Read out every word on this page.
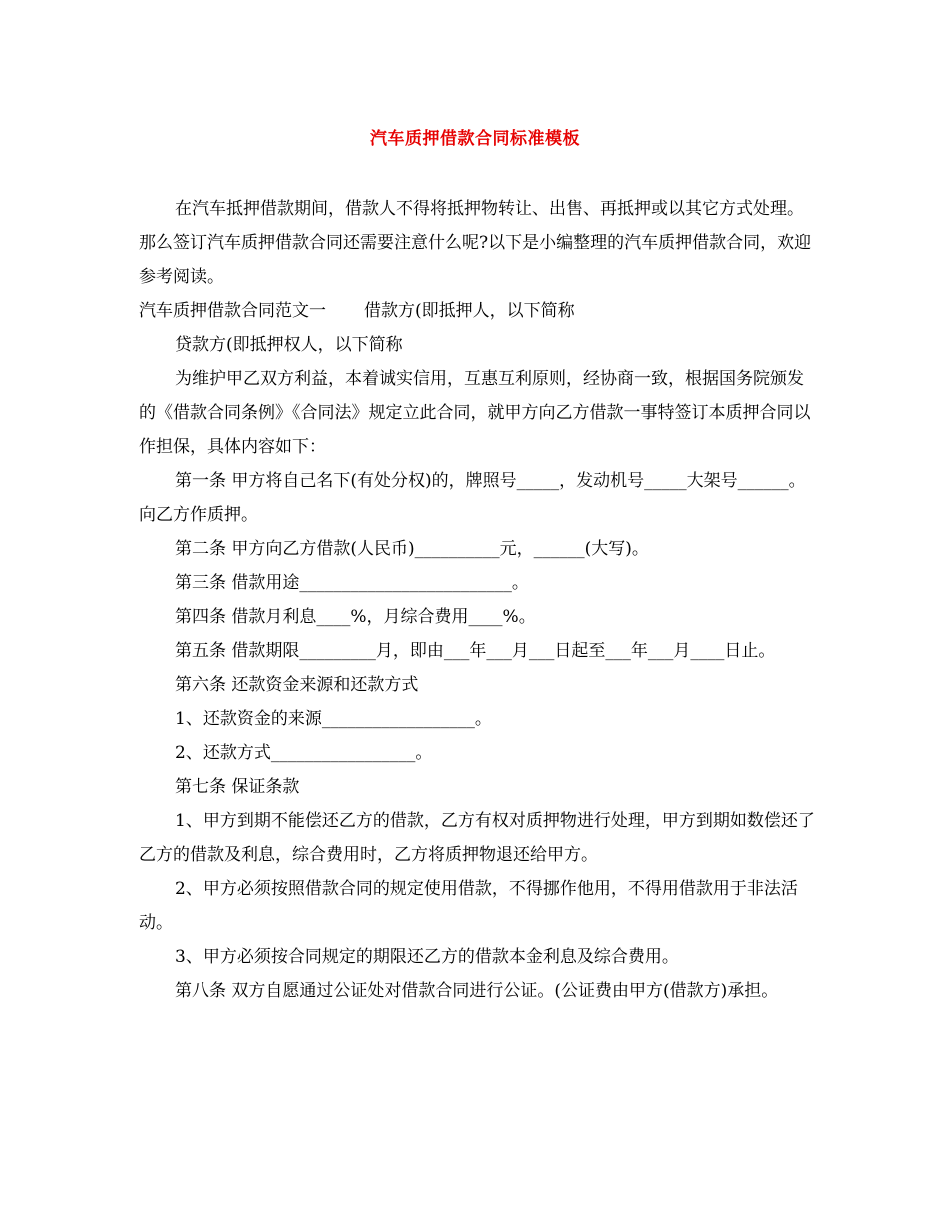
汽车质押借款合同标准模板

在汽车抵押借款期间，借款人不得将抵押物转让、出售、再抵押或以其它方式处理。那么签订汽车质押借款合同还需要注意什么呢?以下是小编整理的汽车质押借款合同，欢迎参考阅读。

汽车质押借款合同范文一 借款方(即抵押人，以下简称

贷款方(即抵押权人，以下简称

为维护甲乙双方利益，本着诚实信用，互惠互利原则，经协商一致，根据国务院颁发的《借款合同条例》《合同法》规定立此合同，就甲方向乙方借款一事特签订本质押合同以作担保，具体内容如下：

第一条 甲方将自己名下(有处分权)的，牌照号_____，发动机号_____大架号______。向乙方作质押。

第二条 甲方向乙方借款(人民币)__________元，______(大写)。

第三条 借款用途_________________________。

第四条 借款月利息____%，月综合费用____%。

第五条 借款期限_________月，即由___年___月___日起至___年___月____日止。

第六条 还款资金来源和还款方式

1、还款资金的来源__________________。

2、还款方式_________________。

第七条 保证条款

1、甲方到期不能偿还乙方的借款，乙方有权对质押物进行处理，甲方到期如数偿还了乙方的借款及利息，综合费用时，乙方将质押物退还给甲方。

2、甲方必须按照借款合同的规定使用借款，不得挪作他用，不得用借款用于非法活动。

3、甲方必须按合同规定的期限还乙方的借款本金利息及综合费用。

第八条 双方自愿通过公证处对借款合同进行公证。(公证费由甲方(借款方)承担。
